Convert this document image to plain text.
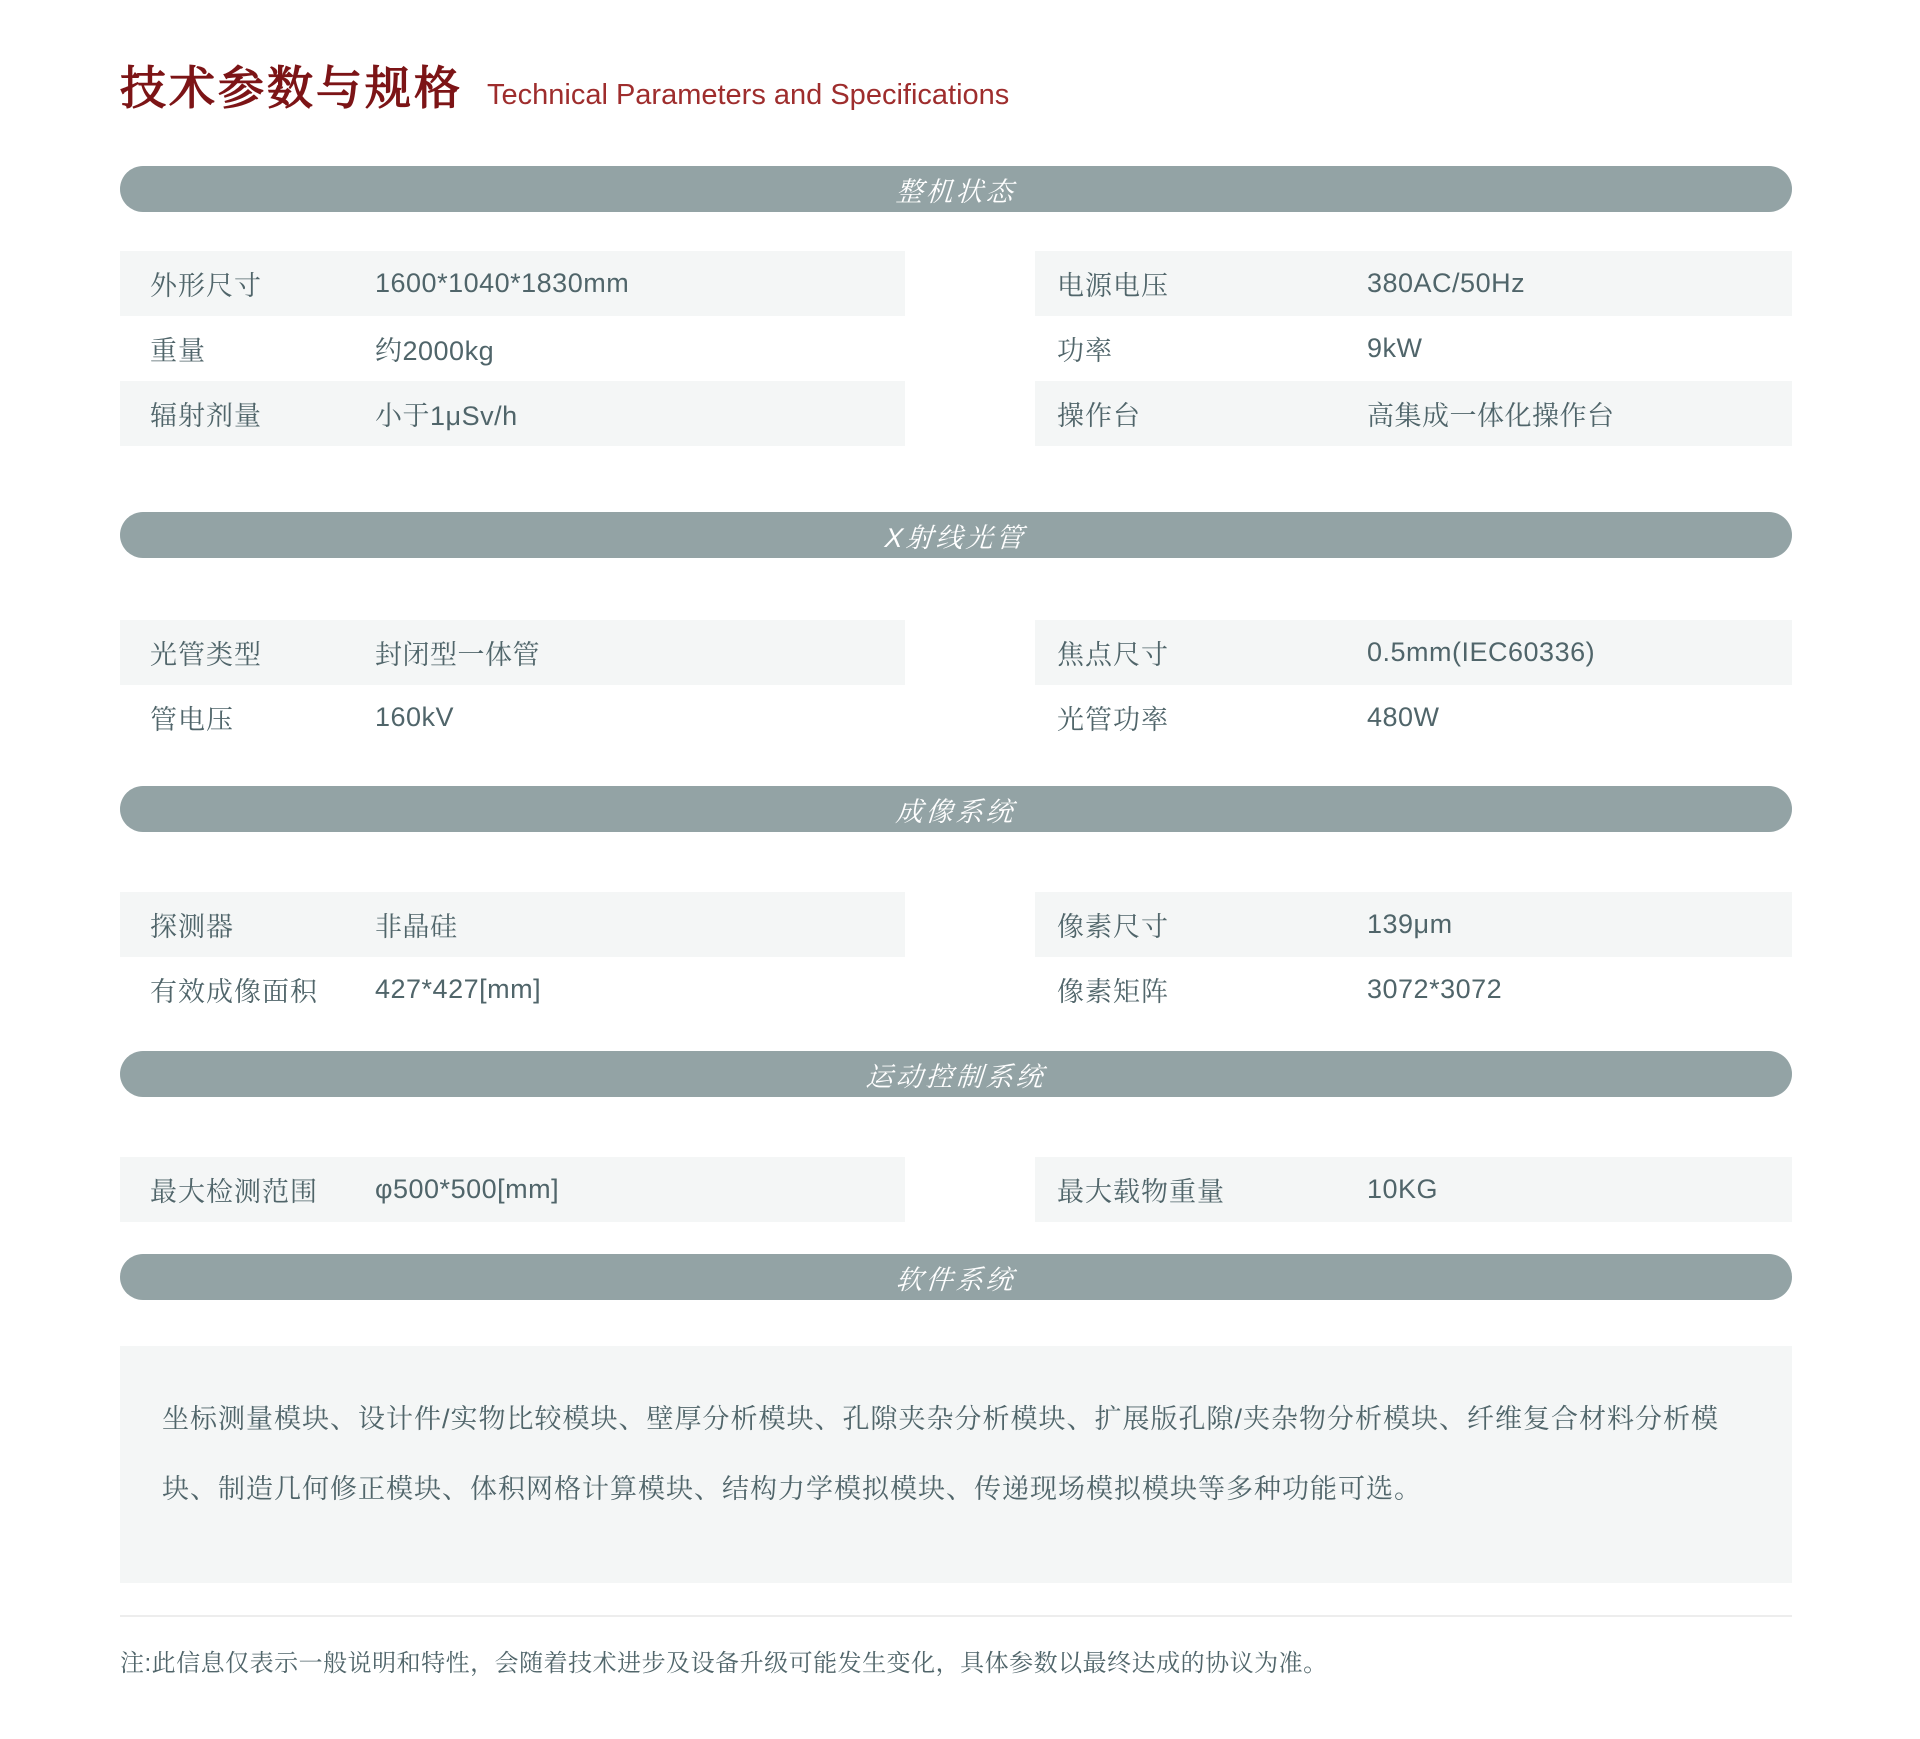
技术参数与规格 Technical Parameters and Specifications
整机状态
外形尺寸	1600*1040*1830mm
重量	约2000kg
辐射剂量	小于1μSv/h
电源电压	380AC/50Hz
功率	9kW
操作台	高集成一体化操作台
X射线光管
光管类型	封闭型一体管
管电压	160kV
焦点尺寸	0.5mm(IEC60336)
光管功率	480W
成像系统
探测器	非晶硅
有效成像面积	427*427[mm]
像素尺寸	139μm
像素矩阵	3072*3072
运动控制系统
最大检测范围	φ500*500[mm]	最大载物重量	10KG
软件系统

坐标测量模块、设计件/实物比较模块、壁厚分析模块、孔隙夹杂分析模块、扩展版孔隙/夹杂物分析模块、纤维复合材料分析模块、制造几何修正模块、体积网格计算模块、结构力学模拟模块、传递现场模拟模块等多种功能可选。

注:此信息仅表示一般说明和特性，会随着技术进步及设备升级可能发生变化，具体参数以最终达成的协议为准。
